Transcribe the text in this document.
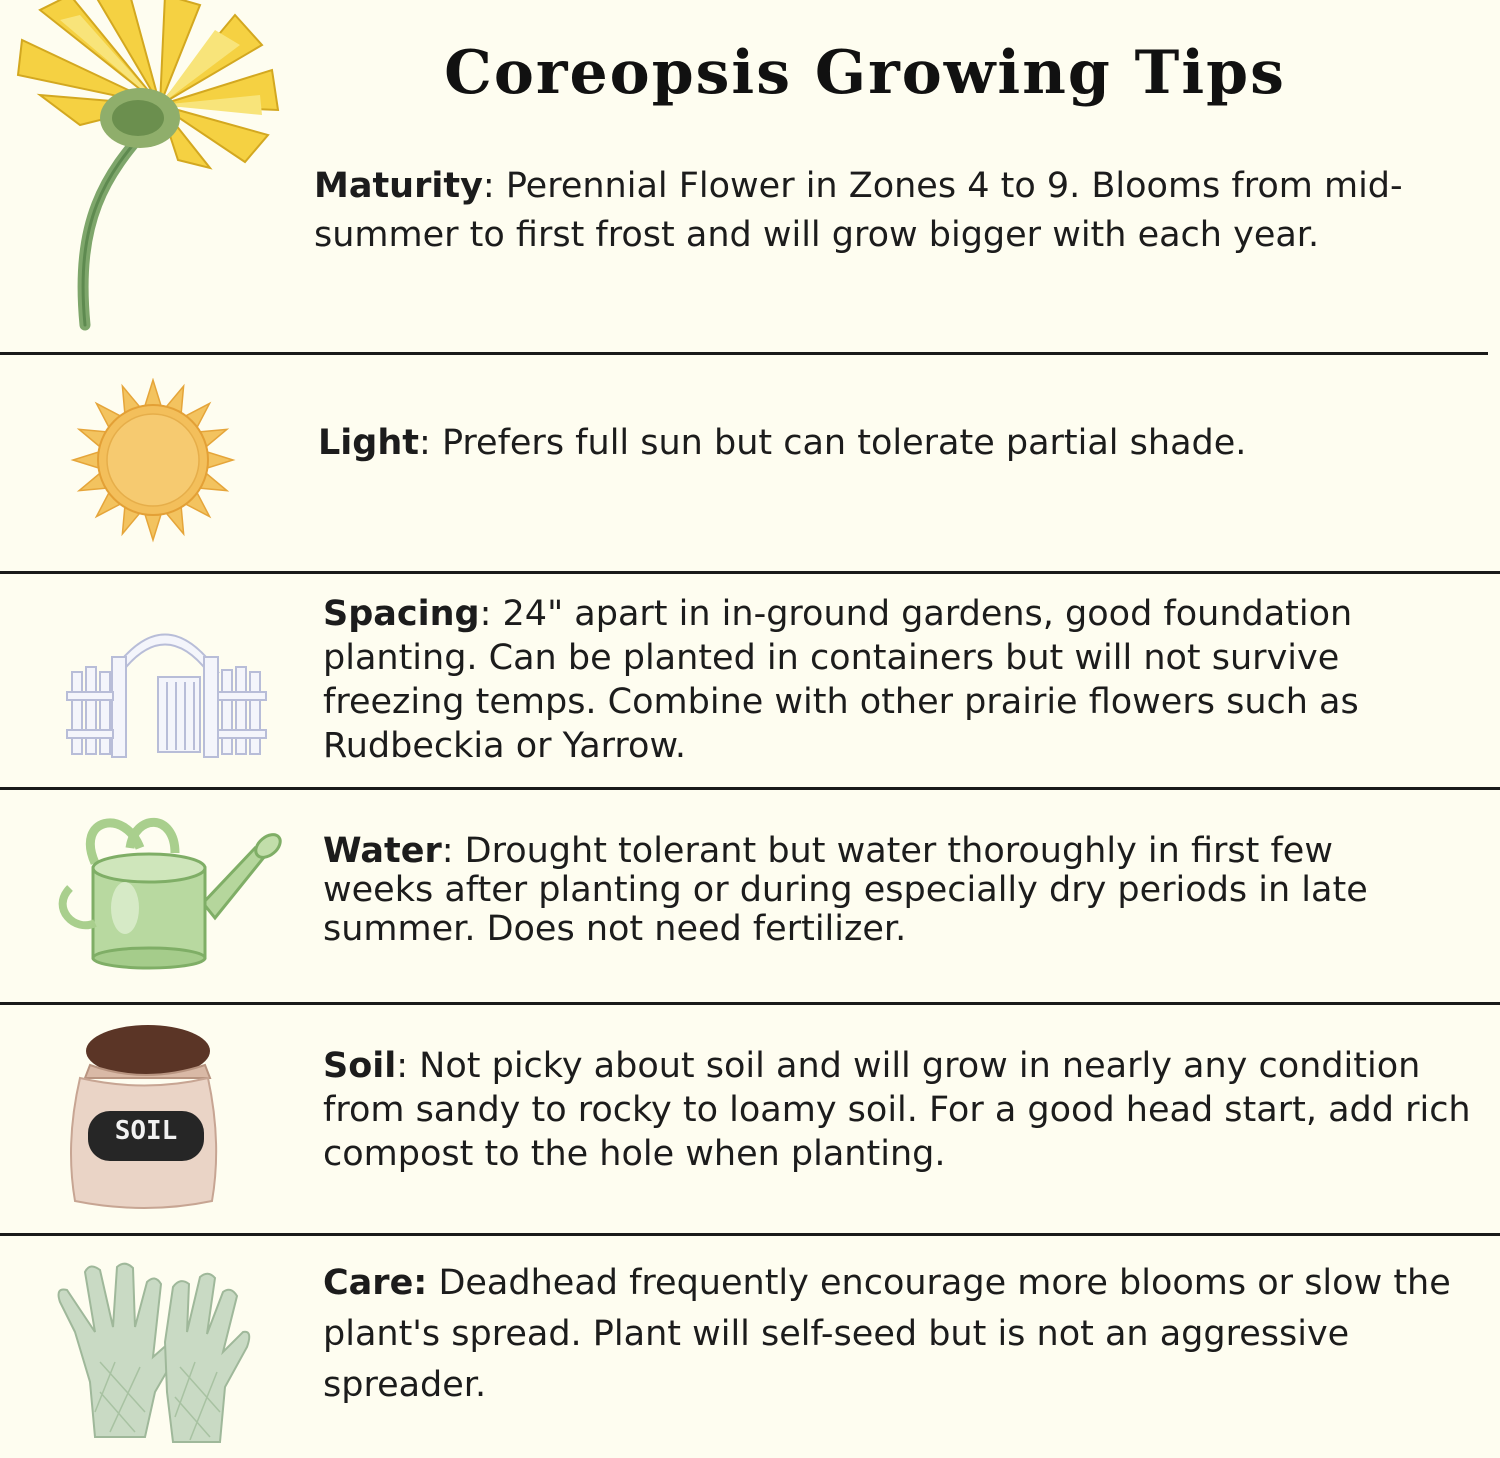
Coreopsis Growing Tips
SOIL
Maturity: Perennial Flower in Zones 4 to 9. Blooms from mid-summer to first frost and will grow bigger with each year.
Light: Prefers full sun but can tolerate partial shade.
Spacing: 24" apart in in-ground gardens, good foundation planting. Can be planted in containers but will not survive freezing temps. Combine with other prairie flowers such as Rudbeckia or Yarrow.
Water: Drought tolerant but water thoroughly in first few weeks after planting or during especially dry periods in late summer. Does not need fertilizer.
Soil: Not picky about soil and will grow in nearly any condition from sandy to rocky to loamy soil. For a good head start, add rich compost to the hole when planting.
Care: Deadhead frequently encourage more blooms or slow the plant's spread. Plant will self-seed but is not an aggressive spreader.
